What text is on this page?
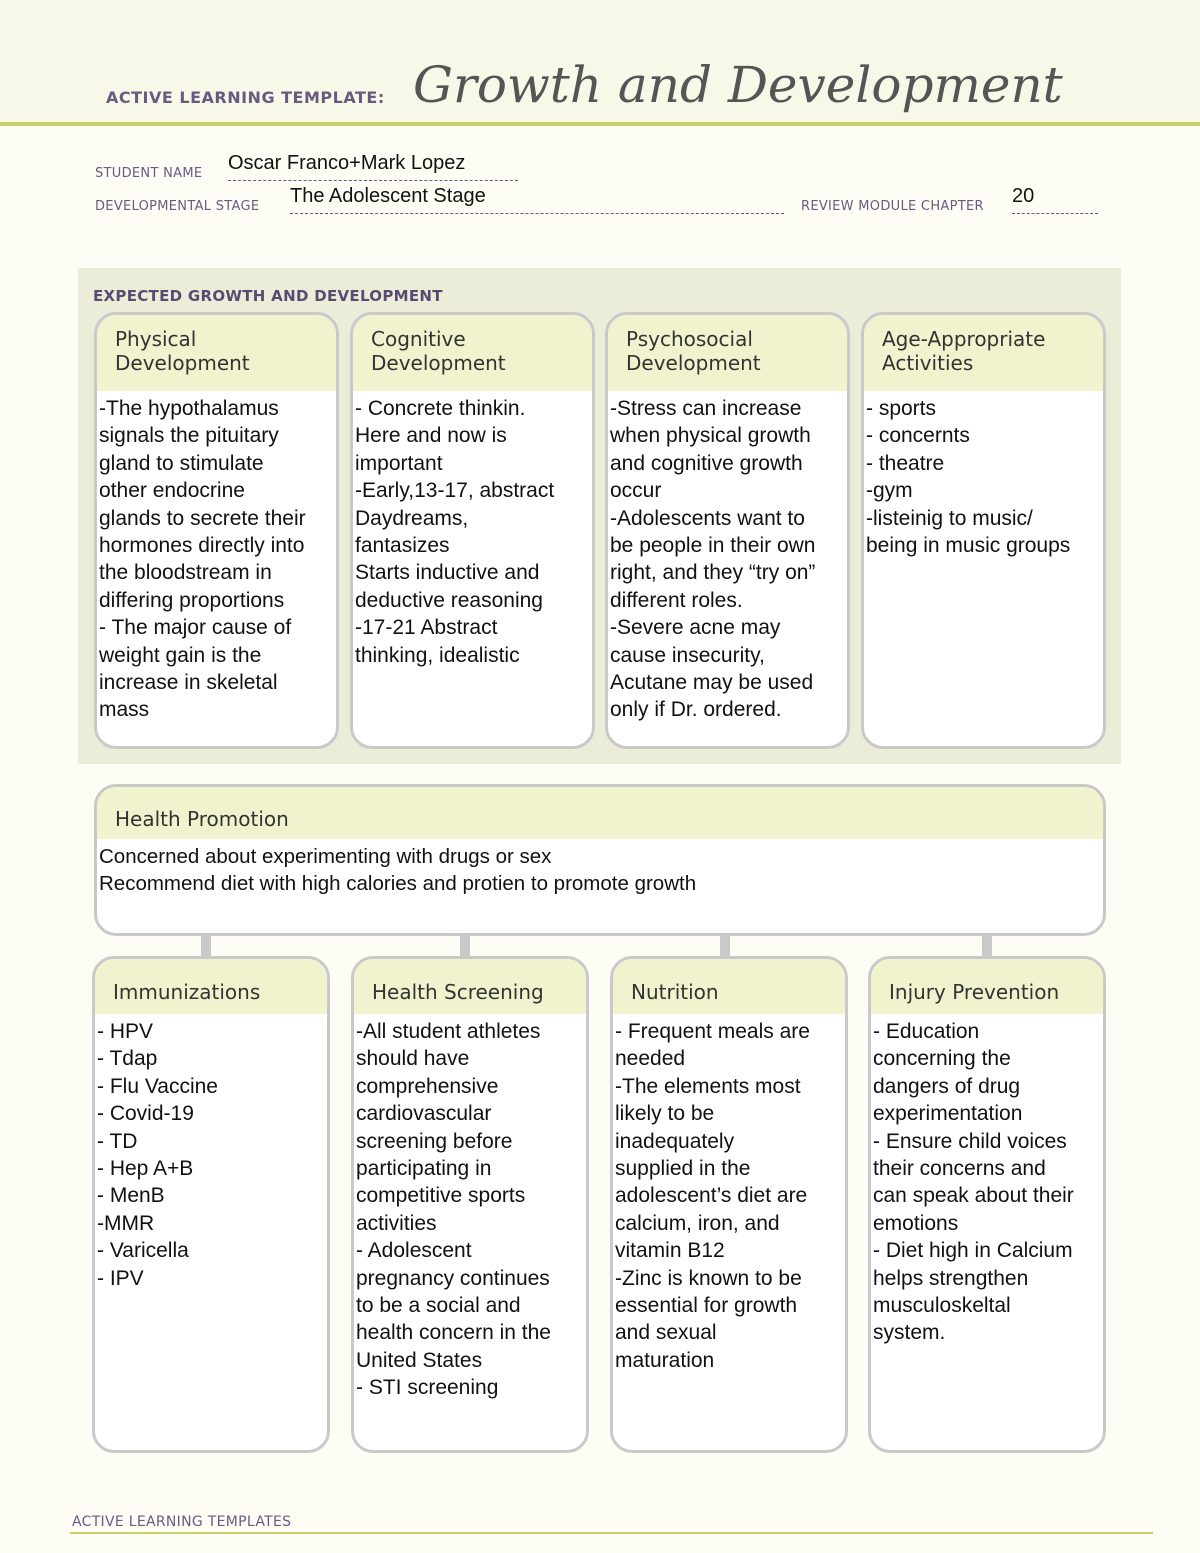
ACTIVE LEARNING TEMPLATE: Growth and Development
STUDENT NAME Oscar Franco+Mark Lopez
DEVELOPMENTAL STAGE The Adolescent Stage	REVIEW MODULE CHAPTER 20
EXPECTED GROWTH AND DEVELOPMENT
Physical
Development
-The hypothalamus
signals the pituitary
gland to stimulate
other endocrine
glands to secrete their
hormones directly into
the bloodstream in
differing proportions
- The major cause of
weight gain is the
increase in skeletal
mass
Cognitive
Development
- Concrete thinkin.
Here and now is
important
-Early,13-17, abstract
Daydreams,
fantasizes
Starts inductive and
deductive reasoning
-17-21 Abstract
thinking, idealistic
Psychosocial
Development
-Stress can increase
when physical growth
and cognitive growth
occur
-Adolescents want to
be people in their own
right, and they “try on”
different roles.
-Severe acne may
cause insecurity,
Acutane may be used
only if Dr. ordered.
Age-Appropriate
Activities
- sports
- concernts
- theatre
-gym
-listeinig to music/
being in music groups
Health Promotion
Concerned about experimenting with drugs or sex
Recommend diet with high calories and protien to promote growth
Immunizations
- HPV
- Tdap
- Flu Vaccine
- Covid-19
- TD
- Hep A+B
- MenB
-MMR
- Varicella
- IPV
Health Screening
-All student athletes
should have
comprehensive
cardiovascular
screening before
participating in
competitive sports
activities
- Adolescent
pregnancy continues
to be a social and
health concern in the
United States
- STI screening
Nutrition
- Frequent meals are
needed
-The elements most
likely to be
inadequately
supplied in the
adolescent’s diet are
calcium, iron, and
vitamin B12
-Zinc is known to be
essential for growth
and sexual
maturation
Injury Prevention
- Education
concerning the
dangers of drug
experimentation
- Ensure child voices
their concerns and
can speak about their
emotions
- Diet high in Calcium
helps strengthen
musculoskeltal
system.
ACTIVE LEARNING TEMPLATES
